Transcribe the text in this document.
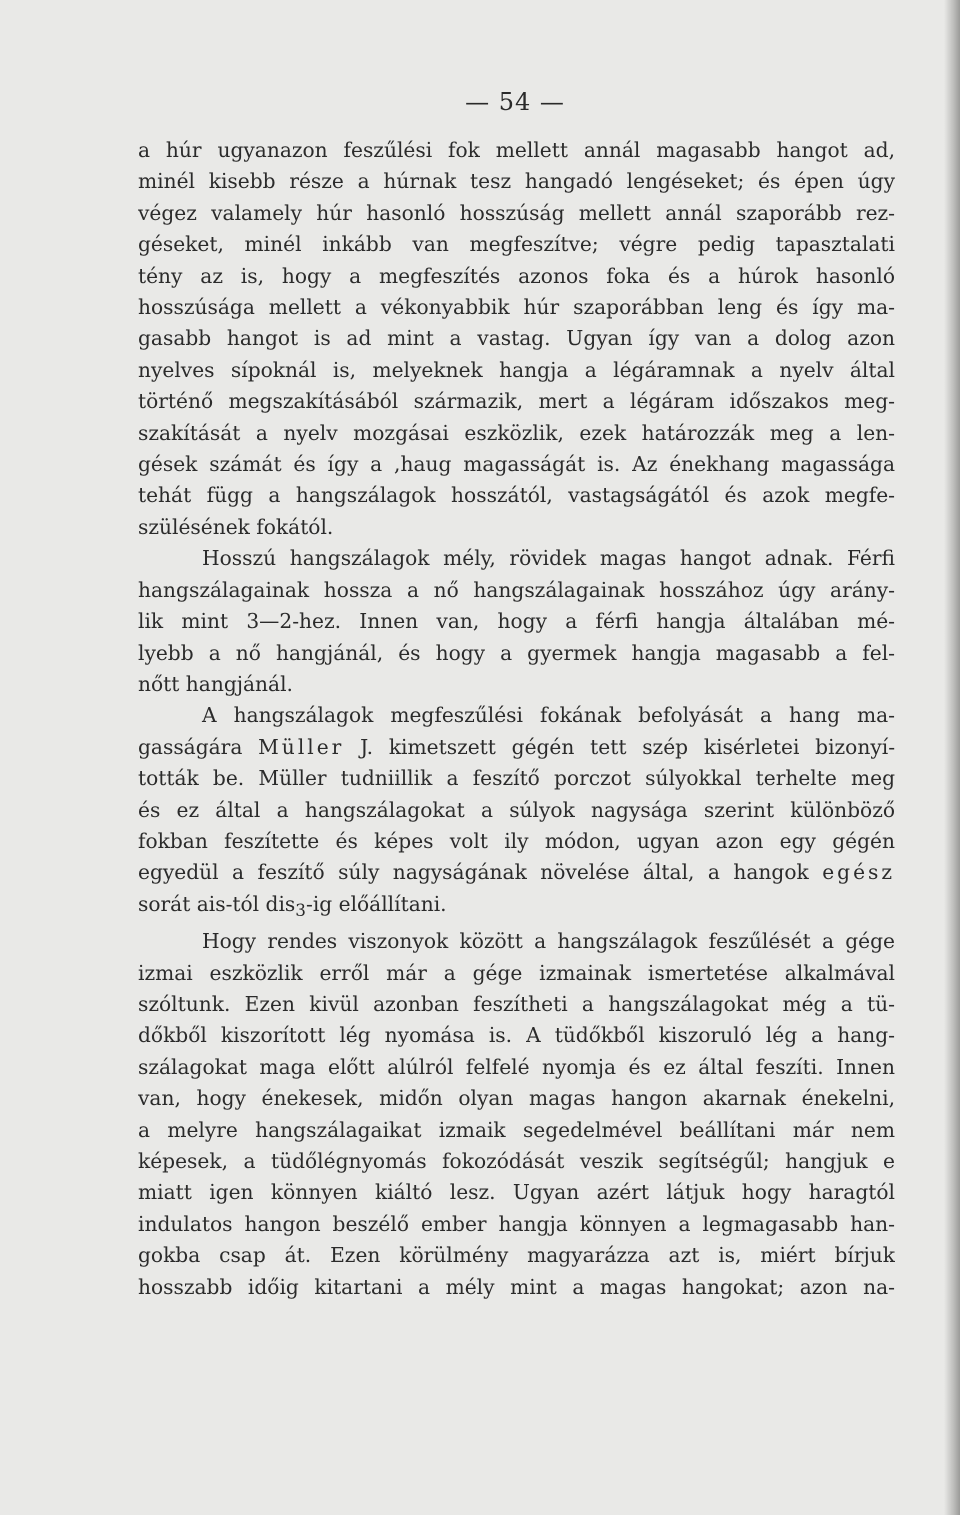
— 54 —
a húr ugyanazon feszűlési fok mellett annál magasabb hangot ad,
minél kisebb része a húrnak tesz hangadó lengéseket; és épen úgy
végez valamely húr hasonló hosszúság mellett annál szaporább rez-
géseket, minél inkább van megfeszítve; végre pedig tapasztalati
tény az is, hogy a megfeszítés azonos foka és a húrok hasonló
hosszúsága mellett a vékonyabbik húr szaporábban leng és így ma-
gasabb hangot is ad mint a vastag. Ugyan így van a dolog azon
nyelves sípoknál is, melyeknek hangja a légáramnak a nyelv által
történő megszakításából származik, mert a légáram időszakos meg-
szakítását a nyelv mozgásai eszközlik, ezek határozzák meg a len-
gések számát és így a ,haug magasságát is. Az énekhang magassága
tehát függ a hangszálagok hosszától, vastagságától és azok megfe-
szülésének fokától.
Hosszú hangszálagok mély, rövidek magas hangot adnak. Férfi
hangszálagainak hossza a nő hangszálagainak hosszához úgy arány-
lik mint 3—2-hez. Innen van, hogy a férfi hangja általában mé-
lyebb a nő hangjánál, és hogy a gyermek hangja magasabb a fel-
nőtt hangjánál.
A hangszálagok megfeszűlési fokának befolyását a hang ma-
gasságára Müller J. kimetszett gégén tett szép kisérletei bizonyí-
tották be. Müller tudniillik a feszítő porczot súlyokkal terhelte meg
és ez által a hangszálagokat a súlyok nagysága szerint különböző
fokban feszítette és képes volt ily módon, ugyan azon egy gégén
egyedül a feszítő súly nagyságának növelése által, a hangok egész
sorát ais-tól dis$_3$-ig előállítani.
Hogy rendes viszonyok között a hangszálagok feszűlését a gége
izmai eszközlik erről már a gége izmainak ismertetése alkalmával
szóltunk. Ezen kivül azonban feszítheti a hangszálagokat még a tü-
dőkből kiszorított lég nyomása is. A tüdőkből kiszoruló lég a hang-
szálagokat maga előtt alúlról felfelé nyomja és ez által feszíti. Innen
van, hogy énekesek, midőn olyan magas hangon akarnak énekelni,
a melyre hangszálagaikat izmaik segedelmével beállítani már nem
képesek, a tüdőlégnyomás fokozódását veszik segítségűl; hangjuk e
miatt igen könnyen kiáltó lesz. Ugyan azért látjuk hogy haragtól
indulatos hangon beszélő ember hangja könnyen a legmagasabb han-
gokba csap át. Ezen körülmény magyarázza azt is, miért bírjuk
hosszabb időig kitartani a mély mint a magas hangokat; azon na-
